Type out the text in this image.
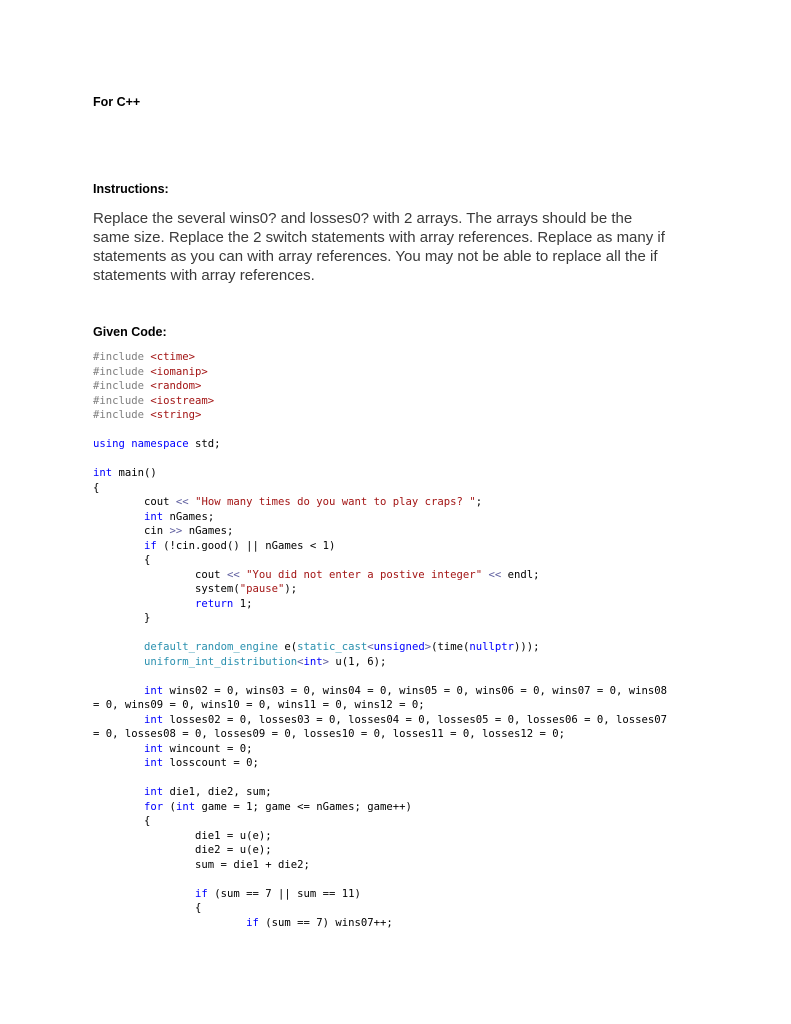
For C++
Instructions:
Replace the several wins0? and losses0? with 2 arrays. The arrays should be the
same size. Replace the 2 switch statements with array references. Replace as many if
statements as you can with array references. You may not be able to replace all the if
statements with array references.
Given Code:
#include <ctime>
#include <iomanip>
#include <random>
#include <iostream>
#include <string>
using namespace std;
int main()
{
cout << "How many times do you want to play craps? ";
int nGames;
cin >> nGames;
if (!cin.good() || nGames < 1)
{
cout << "You did not enter a postive integer" << endl;
system("pause");
return 1;
}
default_random_engine e(static_cast<unsigned>(time(nullptr)));
uniform_int_distribution<int> u(1, 6);
int wins02 = 0, wins03 = 0, wins04 = 0, wins05 = 0, wins06 = 0, wins07 = 0, wins08
= 0, wins09 = 0, wins10 = 0, wins11 = 0, wins12 = 0;
int losses02 = 0, losses03 = 0, losses04 = 0, losses05 = 0, losses06 = 0, losses07
= 0, losses08 = 0, losses09 = 0, losses10 = 0, losses11 = 0, losses12 = 0;
int wincount = 0;
int losscount = 0;
int die1, die2, sum;
for (int game = 1; game <= nGames; game++)
{
die1 = u(e);
die2 = u(e);
sum = die1 + die2;
if (sum == 7 || sum == 11)
{
if (sum == 7) wins07++;
